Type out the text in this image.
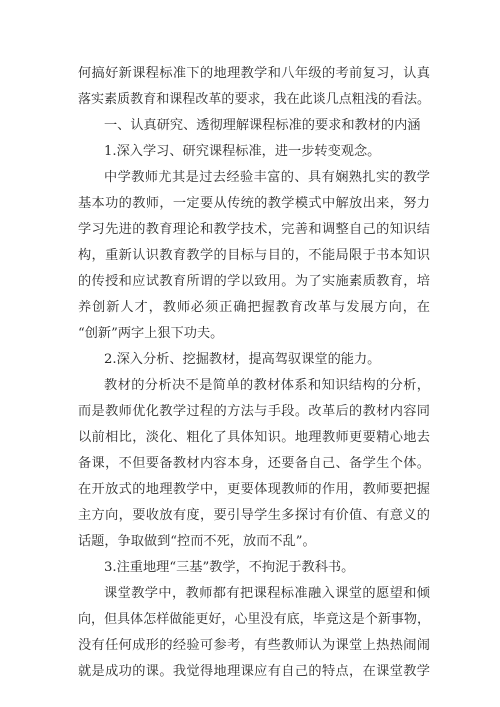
何搞好新课程标准下的地理教学和八年级的考前复习，认真
落实素质教育和课程改革的要求，我在此谈几点粗浅的看法。
一、认真研究、透彻理解课程标准的要求和教材的内涵
1.深入学习、研究课程标准，进一步转变观念。
中学教师尤其是过去经验丰富的、具有娴熟扎实的教学
基本功的教师，一定要从传统的教学模式中解放出来，努力
学习先进的教育理论和教学技术，完善和调整自己的知识结
构，重新认识教育教学的目标与目的，不能局限于书本知识
的传授和应试教育所谓的学以致用。为了实施素质教育，培
养创新人才，教师必须正确把握教育改革与发展方向，在
“创新”两字上狠下功夫。
2.深入分析、挖掘教材，提高驾驭课堂的能力。
教材的分析决不是简单的教材体系和知识结构的分析，
而是教师优化教学过程的方法与手段。改革后的教材内容同
以前相比，淡化、粗化了具体知识。地理教师更要精心地去
备课，不但要备教材内容本身，还要备自己、备学生个体。
在开放式的地理教学中，更要体现教师的作用，教师要把握
主方向，要收放有度，要引导学生多探讨有价值、有意义的
话题，争取做到“控而不死，放而不乱”。
3.注重地理“三基”教学，不拘泥于教科书。
课堂教学中，教师都有把课程标准融入课堂的愿望和倾
向，但具体怎样做能更好，心里没有底，毕竟这是个新事物，
没有任何成形的经验可参考，有些教师认为课堂上热热闹闹
就是成功的课。我觉得地理课应有自己的特点，在课堂教学
